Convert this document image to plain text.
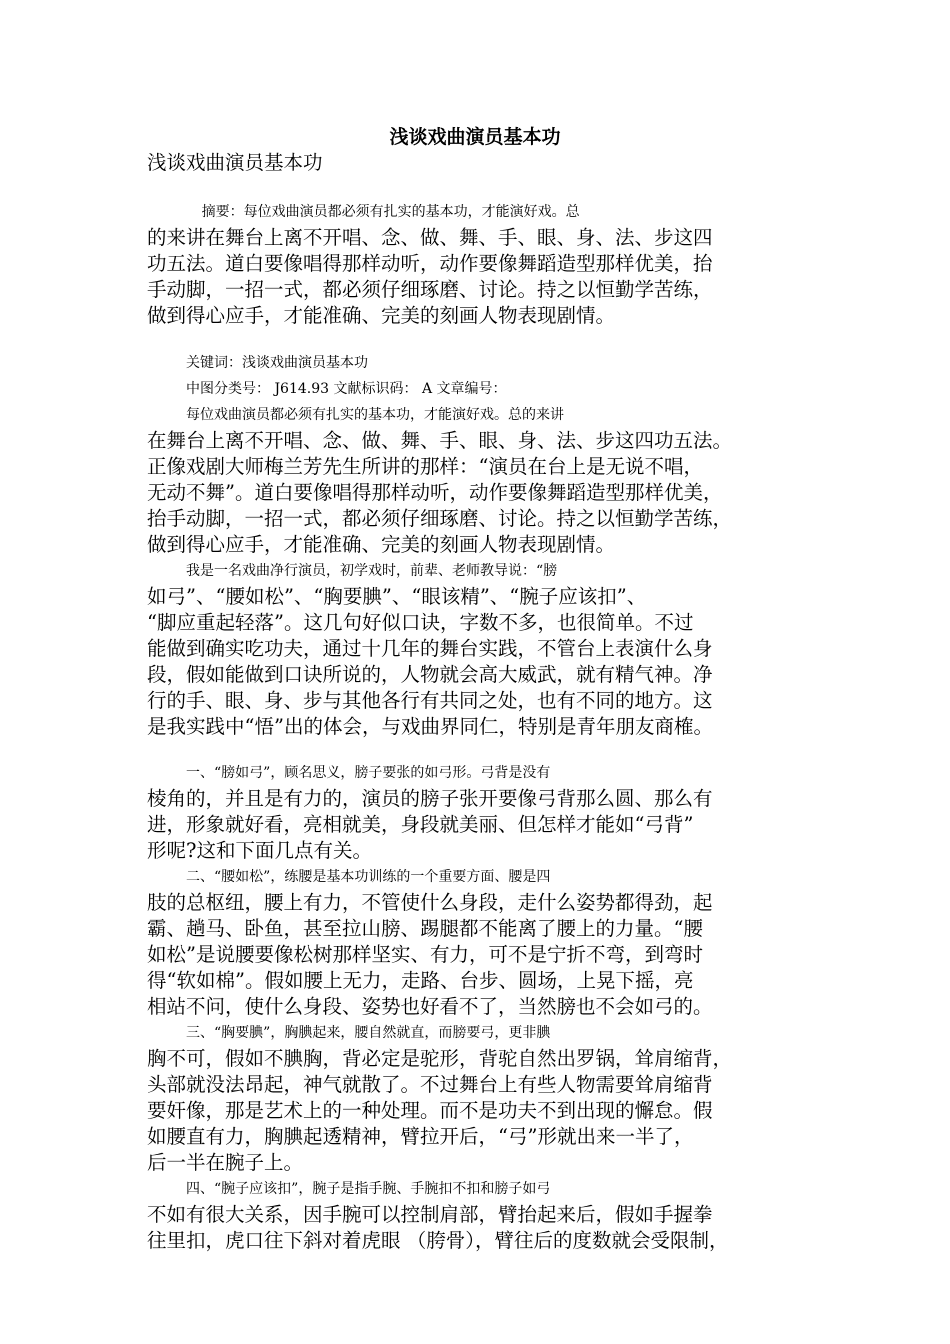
浅谈戏曲演员基本功
浅谈戏曲演员基本功
摘要：每位戏曲演员都必须有扎实的基本功，才能演好戏。总
的来讲在舞台上离不开唱、念、做、舞、手、眼、身、法、步这四
功五法。道白要像唱得那样动听，动作要像舞蹈造型那样优美，抬
手动脚，一招一式，都必须仔细琢磨、讨论。持之以恒勤学苦练，
做到得心应手，才能准确、完美的刻画人物表现剧情。
关键词：浅谈戏曲演员基本功
中图分类号： J614.93 文献标识码： A 文章编号：
每位戏曲演员都必须有扎实的基本功，才能演好戏。总的来讲
在舞台上离不开唱、念、做、舞、手、眼、身、法、步这四功五法。
正像戏剧大师梅兰芳先生所讲的那样：“演员在台上是无说不唱，
无动不舞”。道白要像唱得那样动听，动作要像舞蹈造型那样优美，
抬手动脚，一招一式，都必须仔细琢磨、讨论。持之以恒勤学苦练，
做到得心应手，才能准确、完美的刻画人物表现剧情。
我是一名戏曲净行演员，初学戏时，前辈、老师教导说：“膀
如弓”、“腰如松”、“胸要腆”、“眼该精”、“腕子应该扣”、
“脚应重起轻落”。这几句好似口诀，字数不多，也很简单。不过
能做到确实吃功夫，通过十几年的舞台实践，不管台上表演什么身
段，假如能做到口诀所说的，人物就会高大威武，就有精气神。净
行的手、眼、身、步与其他各行有共同之处，也有不同的地方。这
是我实践中“悟”出的体会，与戏曲界同仁，特别是青年朋友商榷。
一、“膀如弓”，顾名思义，膀子要张的如弓形。弓背是没有
棱角的，并且是有力的，演员的膀子张开要像弓背那么圆、那么有
进，形象就好看，亮相就美，身段就美丽、但怎样才能如“弓背”
形呢?这和下面几点有关。
二、“腰如松”，练腰是基本功训练的一个重要方面、腰是四
肢的总枢纽，腰上有力，不管使什么身段，走什么姿势都得劲，起
霸、趟马、卧鱼，甚至拉山膀、踢腿都不能离了腰上的力量。“腰
如松”是说腰要像松树那样坚实、有力，可不是宁折不弯，到弯时
得“软如棉”。假如腰上无力，走路、台步、圆场，上晃下摇，亮
相站不问，使什么身段、姿势也好看不了，当然膀也不会如弓的。
三、“胸要腆”，胸腆起来，腰自然就直，而膀要弓，更非腆
胸不可，假如不腆胸，背必定是驼形，背驼自然出罗锅，耸肩缩背，
头部就没法昂起，神气就散了。不过舞台上有些人物需要耸肩缩背
要奸像，那是艺术上的一种处理。而不是功夫不到出现的懈怠。假
如腰直有力，胸腆起透精神，臂拉开后，“弓”形就出来一半了，
后一半在腕子上。
四、“腕子应该扣”，腕子是指手腕、手腕扣不扣和膀子如弓
不如有很大关系，因手腕可以控制肩部，臂抬起来后，假如手握拳
往里扣，虎口往下斜对着虎眼 （胯骨），臂往后的度数就会受限制，
